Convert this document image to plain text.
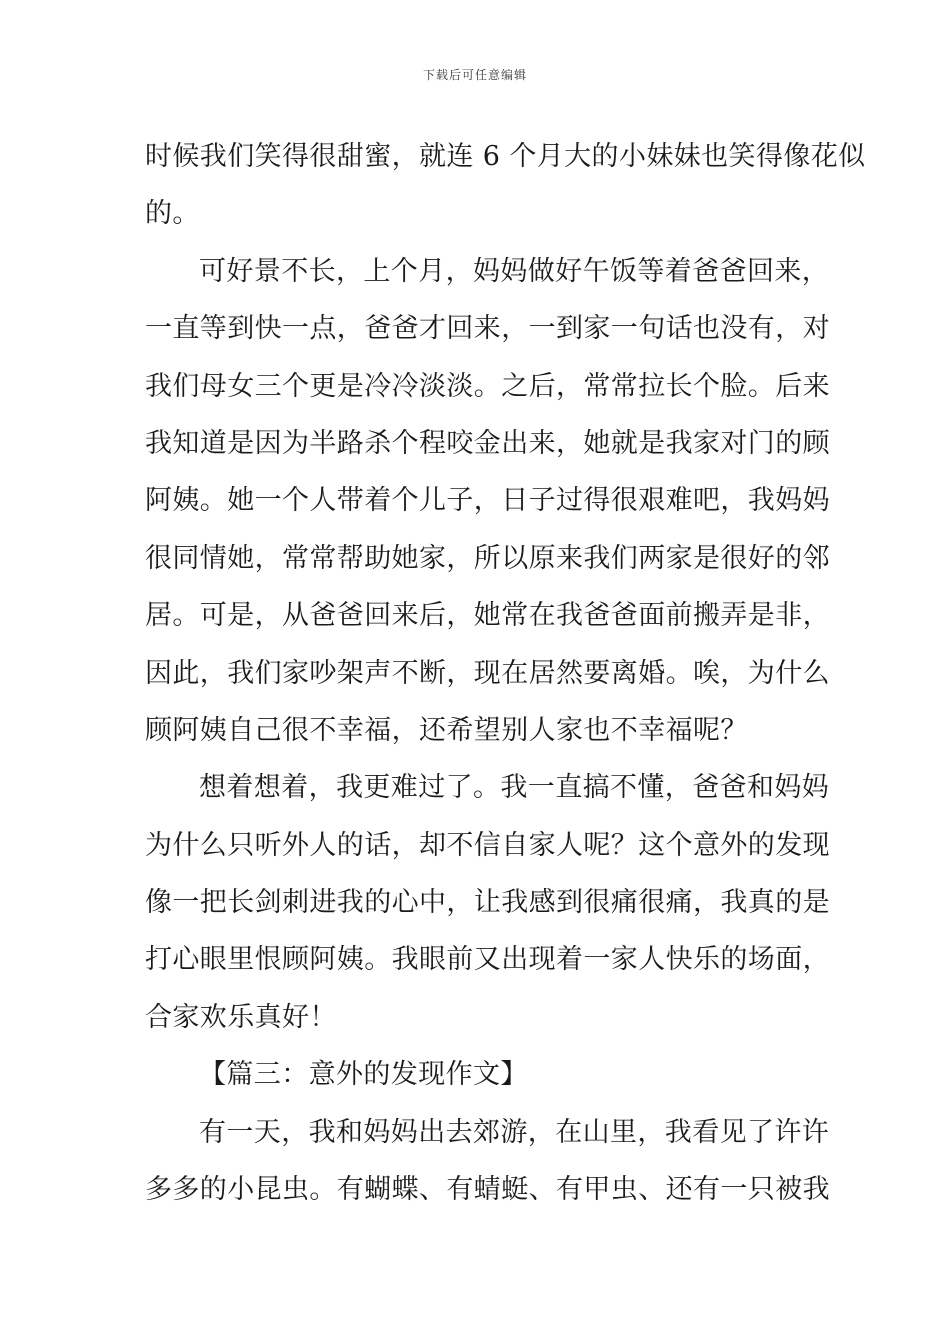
下载后可任意编辑
时候我们笑得很甜蜜，就连 6 个月大的小妹妹也笑得像花似
的。
可好景不长，上个月，妈妈做好午饭等着爸爸回来，
一直等到快一点，爸爸才回来，一到家一句话也没有，对
我们母女三个更是冷冷淡淡。之后，常常拉长个脸。后来
我知道是因为半路杀个程咬金出来，她就是我家对门的顾
阿姨。她一个人带着个儿子，日子过得很艰难吧，我妈妈
很同情她，常常帮助她家，所以原来我们两家是很好的邻
居。可是，从爸爸回来后，她常在我爸爸面前搬弄是非，
因此，我们家吵架声不断，现在居然要离婚。唉，为什么
顾阿姨自己很不幸福，还希望别人家也不幸福呢？
想着想着，我更难过了。我一直搞不懂，爸爸和妈妈
为什么只听外人的话，却不信自家人呢？这个意外的发现
像一把长剑刺进我的心中，让我感到很痛很痛，我真的是
打心眼里恨顾阿姨。我眼前又出现着一家人快乐的场面，
合家欢乐真好！
【篇三：意外的发现作文】
有一天，我和妈妈出去郊游，在山里，我看见了许许
多多的小昆虫。有蝴蝶、有蜻蜓、有甲虫、还有一只被我
